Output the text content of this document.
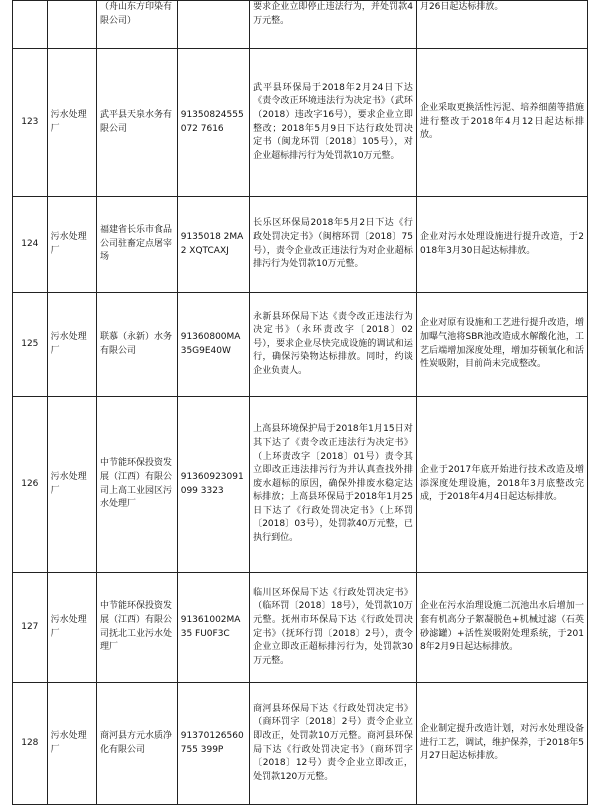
		（舟山东方印染有限公司）		要求企业立即停止违法行为，并处罚款4万元整。	月26日起达标排放。
123	污水处理厂	武平县天泉水务有限公司	91350824555072 7616	武平县环保局于2018年2月24日下达《责令改正环境违法行为决定书》（武环（2018）违改字16号），要求企业立即整改；2018年5月9日下达行政处罚决定书（闽龙环罚〔2018〕105号），对企业超标排污行为处罚款10万元整。	企业采取更换活性污泥、培养细菌等措施进行整改于2018年4月12日起达标排放。
124	污水处理厂	福建省长乐市食品公司驻畜定点屠宰场	9135018 2MA2 XQTCAXJ	长乐区环保局2018年5月2日下达《行政处罚决定书》（闽榕环罚〔2018〕75号），责令企业改正违法行为对企业超标排污行为处罚款10万元整。	企业对污水处理设施进行提升改造，于2018年3月30日起达标排放。
125	污水处理厂	联慕（永新）水务有限公司	91360800MA35G9E40W	永新县环保局下达《责令改正违法行为决定书》（永环责改字〔2018〕02号），要求企业尽快完成设施的调试和运行，确保污染物达标排放。同时，约谈企业负责人。	企业对原有设施和工艺进行提升改造，增加曝气池将SBR池改造成水解酸化池，工艺后端增加深度处理，增加芬顿氧化和活性炭吸附，目前尚未完成整改。
126	污水处理厂	中节能环保投资发展（江西）有限公司上高工业园区污水处理厂	91360923091099 3323	上高县环境保护局于2018年1月15日对其下达了《责令改正违法行为决定书》（上环责改字〔2018〕01号）责令其立即改正违法排污行为并认真查找外排废水超标的原因，确保外排废水稳定达标排放；上高县环保局于2018年1月25日下达了《行政处罚决定书》（上环罚〔2018〕03号），处罚款40万元整，已执行到位。	企业于2017年底开始进行技术改造及增添深度处理设施，2018年3月底整改完成，于2018年4月4日起达标排放。
127	污水处理厂	中节能环保投资发展（江西）有限公司抚北工业污水处理厂	91361002MA35 FU0F3C	临川区环保局下达《行政处罚决定书》（临环罚〔2018〕18号），处罚款10万元整。抚州市环保局下达《行政处罚决定书》（抚环行罚〔2018〕2号），责令企业立即改正超标排污行为，处罚款30万元整。	企业在污水治理设施二沉池出水后增加一套有机高分子絮凝脱色+机械过滤（石英砂滤罐）+活性炭吸附处理系统，于2018年2月9日起达标排放。
128	污水处理厂	商河县方元水质净化有限公司	91370126560755 399P	商河县环保局下达《行政处罚决定书》（商环罚字〔2018〕2号）责令企业立即改正，处罚款10万元整。商河县环保局下达《行政处罚决定书》（商环罚字〔2018〕12号）责令企业立即改正，处罚款120万元整。	企业制定提升改造计划，对污水处理设备进行工艺，调试，维护保养，于2018年5月27日起达标排放。
